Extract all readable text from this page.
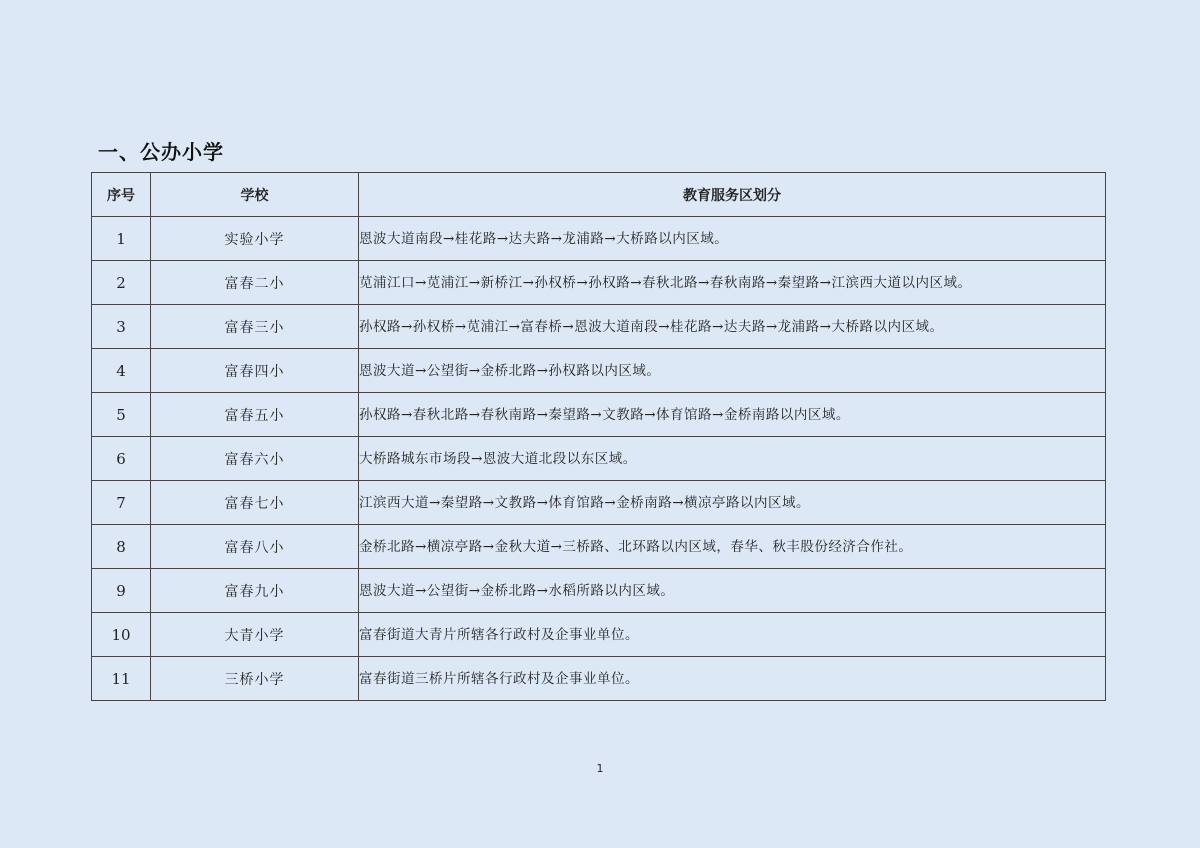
一、公办小学
序号	学校	教育服务区划分
1	实验小学	恩波大道南段→桂花路→达夫路→龙浦路→大桥路以内区域。
2	富春二小	苋浦江口→苋浦江→新桥江→孙权桥→孙权路→春秋北路→春秋南路→秦望路→江滨西大道以内区域。
3	富春三小	孙权路→孙权桥→苋浦江→富春桥→恩波大道南段→桂花路→达夫路→龙浦路→大桥路以内区域。
4	富春四小	恩波大道→公望街→金桥北路→孙权路以内区域。
5	富春五小	孙权路→春秋北路→春秋南路→秦望路→文教路→体育馆路→金桥南路以内区域。
6	富春六小	大桥路城东市场段→恩波大道北段以东区域。
7	富春七小	江滨西大道→秦望路→文教路→体育馆路→金桥南路→横凉亭路以内区域。
8	富春八小	金桥北路→横凉亭路→金秋大道→三桥路、北环路以内区域，春华、秋丰股份经济合作社。
9	富春九小	恩波大道→公望街→金桥北路→水稻所路以内区域。
10	大青小学	富春街道大青片所辖各行政村及企事业单位。
11	三桥小学	富春街道三桥片所辖各行政村及企事业单位。
1
